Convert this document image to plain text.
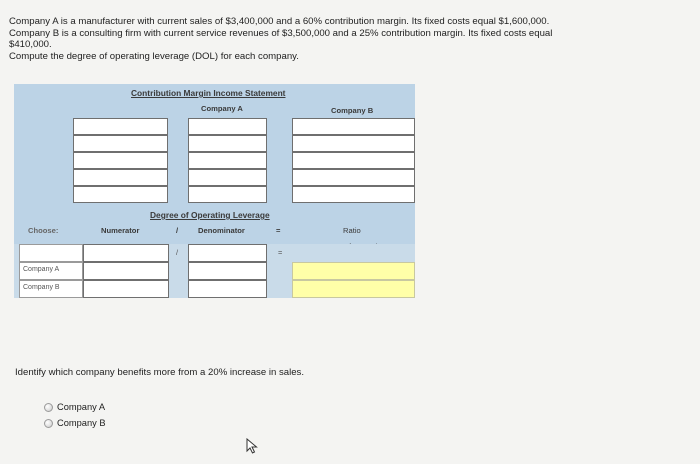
Company A is a manufacturer with current sales of $3,400,000 and a 60% contribution margin. Its fixed costs equal $1,600,000.

Company B is a consulting firm with current service revenues of $3,500,000 and a 25% contribution margin. Its fixed costs equal

$410,000.

Compute the degree of operating leverage (DOL) for each company.

Contribution Margin Income Statement
Company A	Company B
Degree of Operating Leverage
Choose:	Numerator	/	Denominator	=	Ratio
/	=
Company A
Company B
Identify which company benefits more from a 20% increase in sales.
Company A
Company B
